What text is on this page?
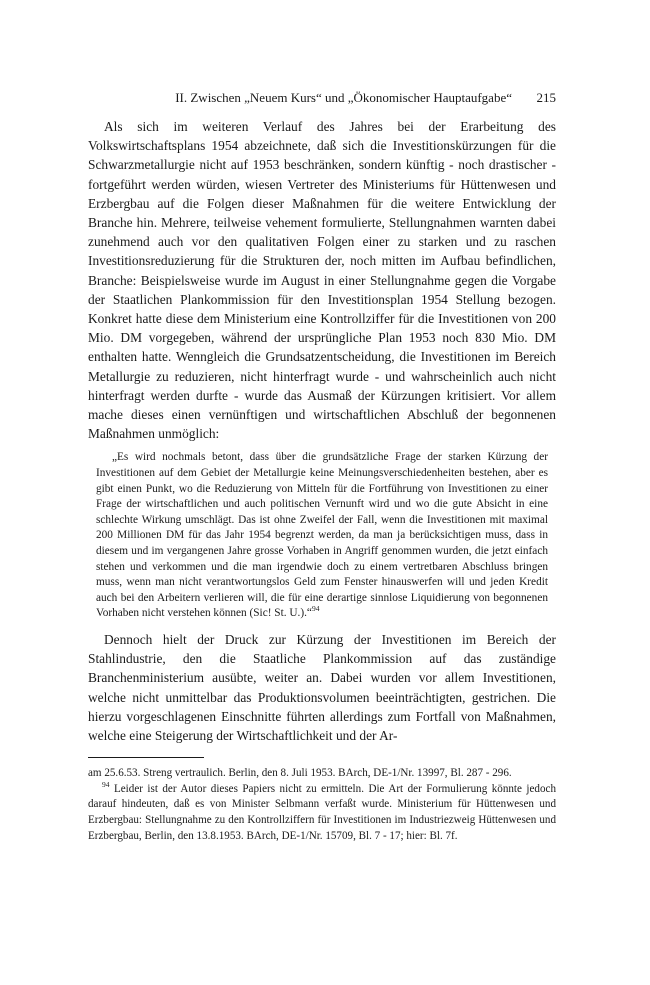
II. Zwischen „Neuem Kurs“ und „Ökonomischer Hauptaufgabe“ 215

Als sich im weiteren Verlauf des Jahres bei der Erarbeitung des Volkswirtschaftsplans 1954 abzeichnete, daß sich die Investitionskürzungen für die Schwarzmetallurgie nicht auf 1953 beschränken, sondern künftig - noch drastischer - fortgeführt werden würden, wiesen Vertreter des Ministeriums für Hüttenwesen und Erzbergbau auf die Folgen dieser Maßnahmen für die weitere Entwicklung der Branche hin. Mehrere, teilweise vehement formulierte, Stellungnahmen warnten dabei zunehmend auch vor den qualitativen Folgen einer zu starken und zu raschen Investitionsreduzierung für die Strukturen der, noch mitten im Aufbau befindlichen, Branche: Beispielsweise wurde im August in einer Stellungnahme gegen die Vorgabe der Staatlichen Plankommission für den Investitionsplan 1954 Stellung bezogen. Konkret hatte diese dem Ministerium eine Kontrollziffer für die Investitionen von 200 Mio. DM vorgegeben, während der ursprüngliche Plan 1953 noch 830 Mio. DM enthalten hatte. Wenngleich die Grundsatzentscheidung, die Investitionen im Bereich Metallurgie zu reduzieren, nicht hinterfragt wurde - und wahrscheinlich auch nicht hinterfragt werden durfte - wurde das Ausmaß der Kürzungen kritisiert. Vor allem mache dieses einen vernünftigen und wirtschaftlichen Abschluß der begonnenen Maßnahmen unmöglich:

„Es wird nochmals betont, dass über die grundsätzliche Frage der starken Kürzung der Investitionen auf dem Gebiet der Metallurgie keine Meinungsverschiedenheiten bestehen, aber es gibt einen Punkt, wo die Reduzierung von Mitteln für die Fortführung von Investitionen zu einer Frage der wirtschaftlichen und auch politischen Vernunft wird und wo die gute Absicht in eine schlechte Wirkung umschlägt. Das ist ohne Zweifel der Fall, wenn die Investitionen mit maximal 200 Millionen DM für das Jahr 1954 begrenzt werden, da man ja berücksichtigen muss, dass in diesem und im vergangenen Jahre grosse Vorhaben in Angriff genommen wurden, die jetzt einfach stehen und verkommen und die man irgendwie doch zu einem vertretbaren Abschluss bringen muss, wenn man nicht verantwortungslos Geld zum Fenster hinauswerfen will und jeden Kredit auch bei den Arbeitern verlieren will, die für eine derartige sinnlose Liquidierung von begonnenen Vorhaben nicht verstehen können (Sic! St. U.).“$^{94}$

Dennoch hielt der Druck zur Kürzung der Investitionen im Bereich der Stahlindustrie, den die Staatliche Plankommission auf das zuständige Branchenministerium ausübte, weiter an. Dabei wurden vor allem Investitionen, welche nicht unmittelbar das Produktionsvolumen beeinträchtigten, gestrichen. Die hierzu vorgeschlagenen Einschnitte führten allerdings zum Fortfall von Maßnahmen, welche eine Steigerung der Wirtschaftlichkeit und der Ar-

am 25.6.53. Streng vertraulich. Berlin, den 8. Juli 1953. BArch, DE-1/Nr. 13997, Bl. 287 - 296.

$^{94}$ Leider ist der Autor dieses Papiers nicht zu ermitteln. Die Art der Formulierung könnte jedoch darauf hindeuten, daß es von Minister Selbmann verfaßt wurde. Ministerium für Hüttenwesen und Erzbergbau: Stellungnahme zu den Kontrollziffern für Investitionen im Industriezweig Hüttenwesen und Erzbergbau, Berlin, den 13.8.1953. BArch, DE-1/Nr. 15709, Bl. 7 - 17; hier: Bl. 7f.
